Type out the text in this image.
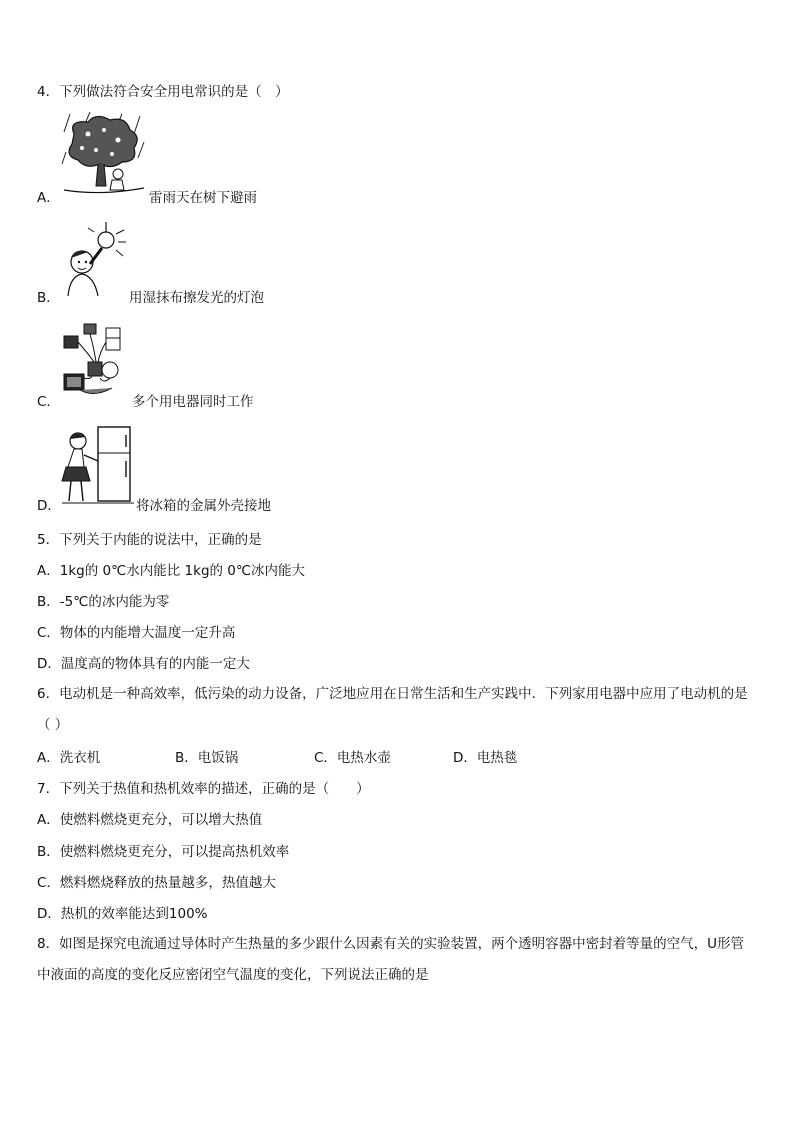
4．下列做法符合安全用电常识的是（　）
A．	雷雨天在树下避雨
B．	用湿抹布擦发光的灯泡
C．	多个用电器同时工作
D．	将冰箱的金属外壳接地
5．下列关于内能的说法中，正确的是
A．1kg的 0℃水内能比 1kg的 0℃冰内能大
B．-5℃的冰内能为零
C．物体的内能增大温度一定升高
D．温度高的物体具有的内能一定大
6．电动机是一种高效率，低污染的动力设备，广泛地应用在日常生活和生产实践中．下列家用电器中应用了电动机的是（ ）
A．洗衣机	B．电饭锅	C．电热水壶	D．电热毯
7．下列关于热值和热机效率的描述，正确的是（　　）
A．使燃料燃烧更充分，可以增大热值
B．使燃料燃烧更充分，可以提高热机效率
C．燃料燃烧释放的热量越多，热值越大
D．热机的效率能达到100%
8．如图是探究电流通过导体时产生热量的多少跟什么因素有关的实验装置，两个透明容器中密封着等量的空气，U形管中液面的高度的变化反应密闭空气温度的变化，下列说法正确的是
